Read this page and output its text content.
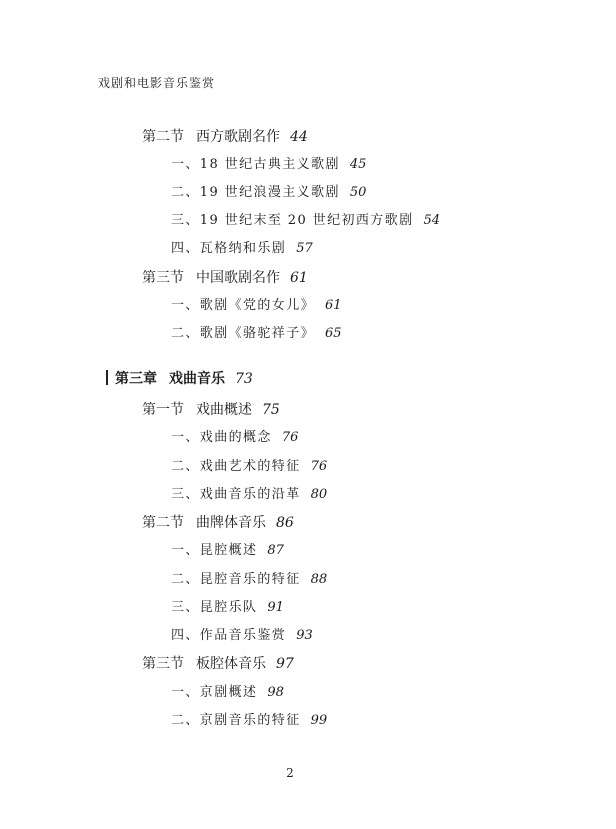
戏剧和电影音乐鉴赏
第二节 西方歌剧名作 44
一、18 世纪古典主义歌剧 45
二、19 世纪浪漫主义歌剧 50
三、19 世纪末至 20 世纪初西方歌剧 54
四、瓦格纳和乐剧 57
第三节 中国歌剧名作 61
一、歌剧《党的女儿》 61
二、歌剧《骆驼祥子》 65
第三章 戏曲音乐 73
第一节 戏曲概述 75
一、戏曲的概念 76
二、戏曲艺术的特征 76
三、戏曲音乐的沿革 80
第二节 曲牌体音乐 86
一、昆腔概述 87
二、昆腔音乐的特征 88
三、昆腔乐队 91
四、作品音乐鉴赏 93
第三节 板腔体音乐 97
一、京剧概述 98
二、京剧音乐的特征 99
2
